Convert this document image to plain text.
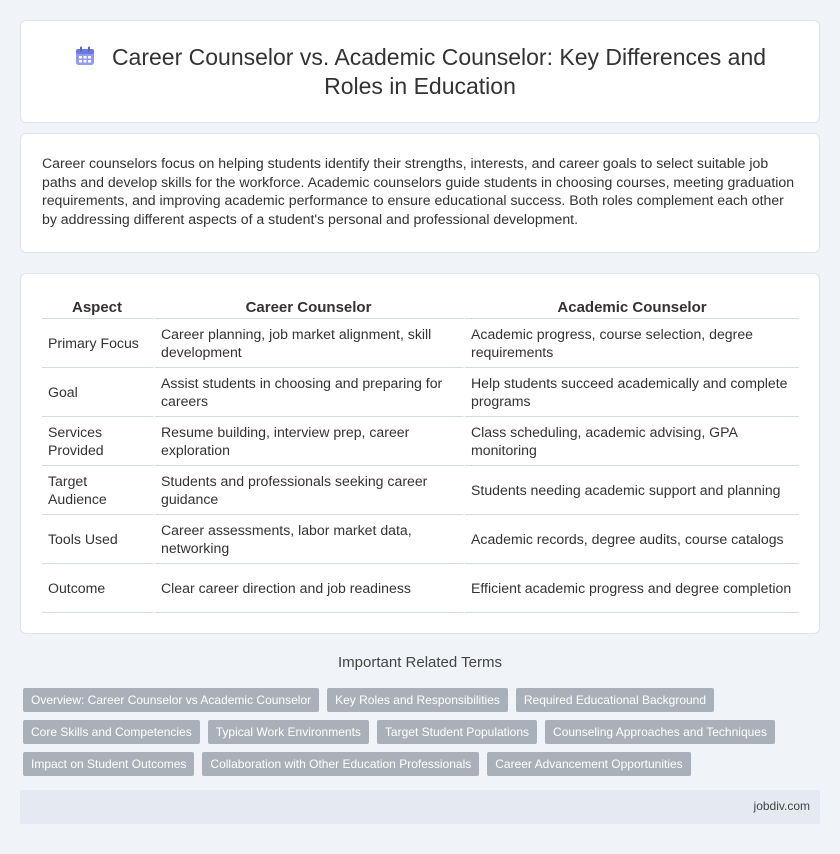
Career Counselor vs. Academic Counselor: Key Differences and Roles in Education

Career counselors focus on helping students identify their strengths, interests, and career goals to select suitable job paths and develop skills for the workforce. Academic counselors guide students in choosing courses, meeting graduation requirements, and improving academic performance to ensure educational success. Both roles complement each other by addressing different aspects of a student's personal and professional development.

Aspect	Career Counselor	Academic Counselor
Primary Focus	Career planning, job market alignment, skill development	Academic progress, course selection, degree requirements
Goal	Assist students in choosing and preparing for careers	Help students succeed academically and complete programs
Services Provided	Resume building, interview prep, career exploration	Class scheduling, academic advising, GPA monitoring
Target Audience	Students and professionals seeking career guidance	Students needing academic support and planning
Tools Used	Career assessments, labor market data, networking	Academic records, degree audits, course catalogs
Outcome	Clear career direction and job readiness	Efficient academic progress and degree completion
Important Related Terms
Overview: Career Counselor vs Academic Counselor	Key Roles and Responsibilities	Required Educational Background
Core Skills and Competencies	Typical Work Environments	Target Student Populations	Counseling Approaches and Techniques
Impact on Student Outcomes	Collaboration with Other Education Professionals	Career Advancement Opportunities
jobdiv.com
